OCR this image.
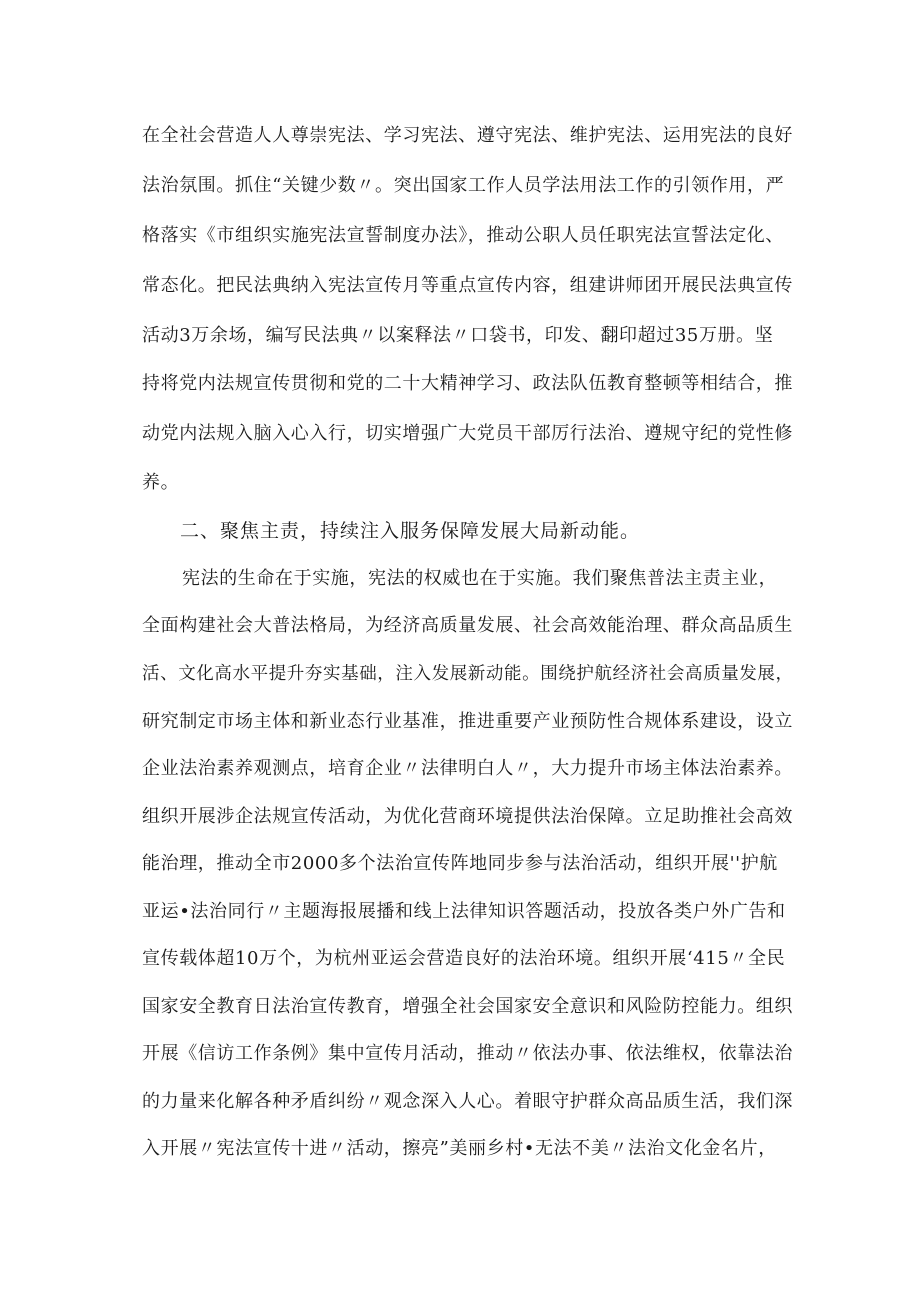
在全社会营造人人尊崇宪法、学习宪法、遵守宪法、维护宪法、运用宪法的良好
法治氛围。抓住“关键少数〃。突出国家工作人员学法用法工作的引领作用，严
格落实《市组织实施宪法宣誓制度办法》，推动公职人员任职宪法宣誓法定化、
常态化。把民法典纳入宪法宣传月等重点宣传内容，组建讲师团开展民法典宣传
活动3万余场，编写民法典〃以案释法〃口袋书，印发、翻印超过35万册。坚
持将党内法规宣传贯彻和党的二十大精神学习、政法队伍教育整顿等相结合，推
动党内法规入脑入心入行，切实增强广大党员干部厉行法治、遵规守纪的党性修
养。
二、聚焦主责，持续注入服务保障发展大局新动能。
宪法的生命在于实施，宪法的权威也在于实施。我们聚焦普法主责主业，
全面构建社会大普法格局，为经济高质量发展、社会高效能治理、群众高品质生
活、文化高水平提升夯实基础，注入发展新动能。围绕护航经济社会高质量发展，
研究制定市场主体和新业态行业基准，推进重要产业预防性合规体系建设，设立
企业法治素养观测点，培育企业〃法律明白人〃，大力提升市场主体法治素养。
组织开展涉企法规宣传活动，为优化营商环境提供法治保障。立足助推社会高效
能治理，推动全市2000多个法治宣传阵地同步参与法治活动，组织开展''护航
亚运•法治同行〃主题海报展播和线上法律知识答题活动，投放各类户外广告和
宣传载体超10万个，为杭州亚运会营造良好的法治环境。组织开展‘415〃全民
国家安全教育日法治宣传教育，增强全社会国家安全意识和风险防控能力。组织
开展《信访工作条例》集中宣传月活动，推动〃依法办事、依法维权，依靠法治
的力量来化解各种矛盾纠纷〃观念深入人心。着眼守护群众高品质生活，我们深
入开展〃宪法宣传十进〃活动，擦亮”美丽乡村•无法不美〃法治文化金名片，
